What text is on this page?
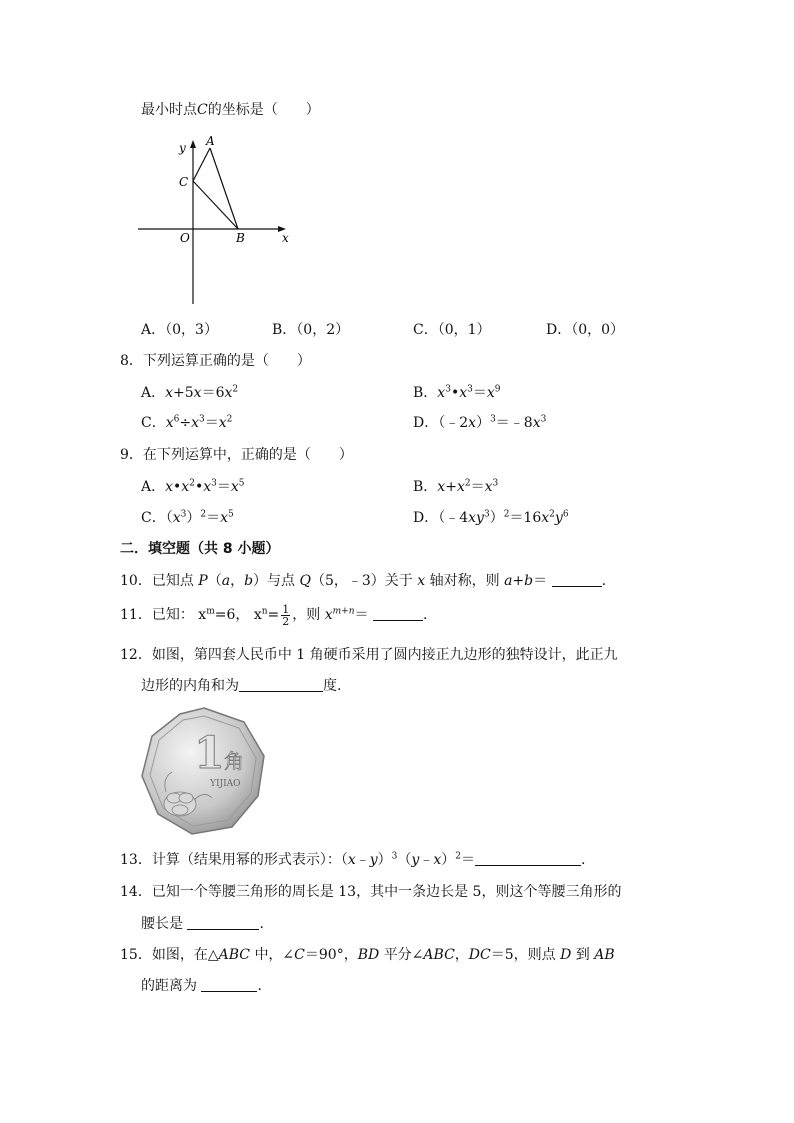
最小时点C的坐标是（　　）
A
C
O	B	x
y
A．（0，3）	B．（0，2）	C．（0，1）	D．（0，0）
8．下列运算正确的是（　　）
A．$x+5x=6x^2$	B．$x^3•x^3=x^9$
C．$x^6\div x^3=x^2$	D．$(﹣2x)^3=﹣8x^3$
9．在下列运算中，正确的是（　　）
A．$x•x^2•x^3=x^5$	B．$x+x^2=x^3$
C．$(x^3)^2=x^5$	D．$(﹣4xy^3)^2=16x^2y^6$
二．填空题（共 8 小题）
10．已知点 P（a，b）与点 Q（5，﹣3）关于 x 轴对称，则 a+b＝	.
11．已知： $x^m=6$， $x^n= \frac{1}{2}$ ，则 $x^{m+n}=$	.
12．如图，第四套人民币中 1 角硬币采用了圆内接正九边形的独特设计，此正九
边形的内角和为	度.
1 角
YIJIAO
13．计算（结果用幂的形式表示）：（x﹣y）$^3$（y﹣x）$^2$＝	.
14．已知一个等腰三角形的周长是 13，其中一条边长是 5，则这个等腰三角形的
腰长是	.
15．如图，在△ABC 中，∠C＝90°，BD 平分∠ABC，DC＝5，则点 D 到 AB
的距离为	.
